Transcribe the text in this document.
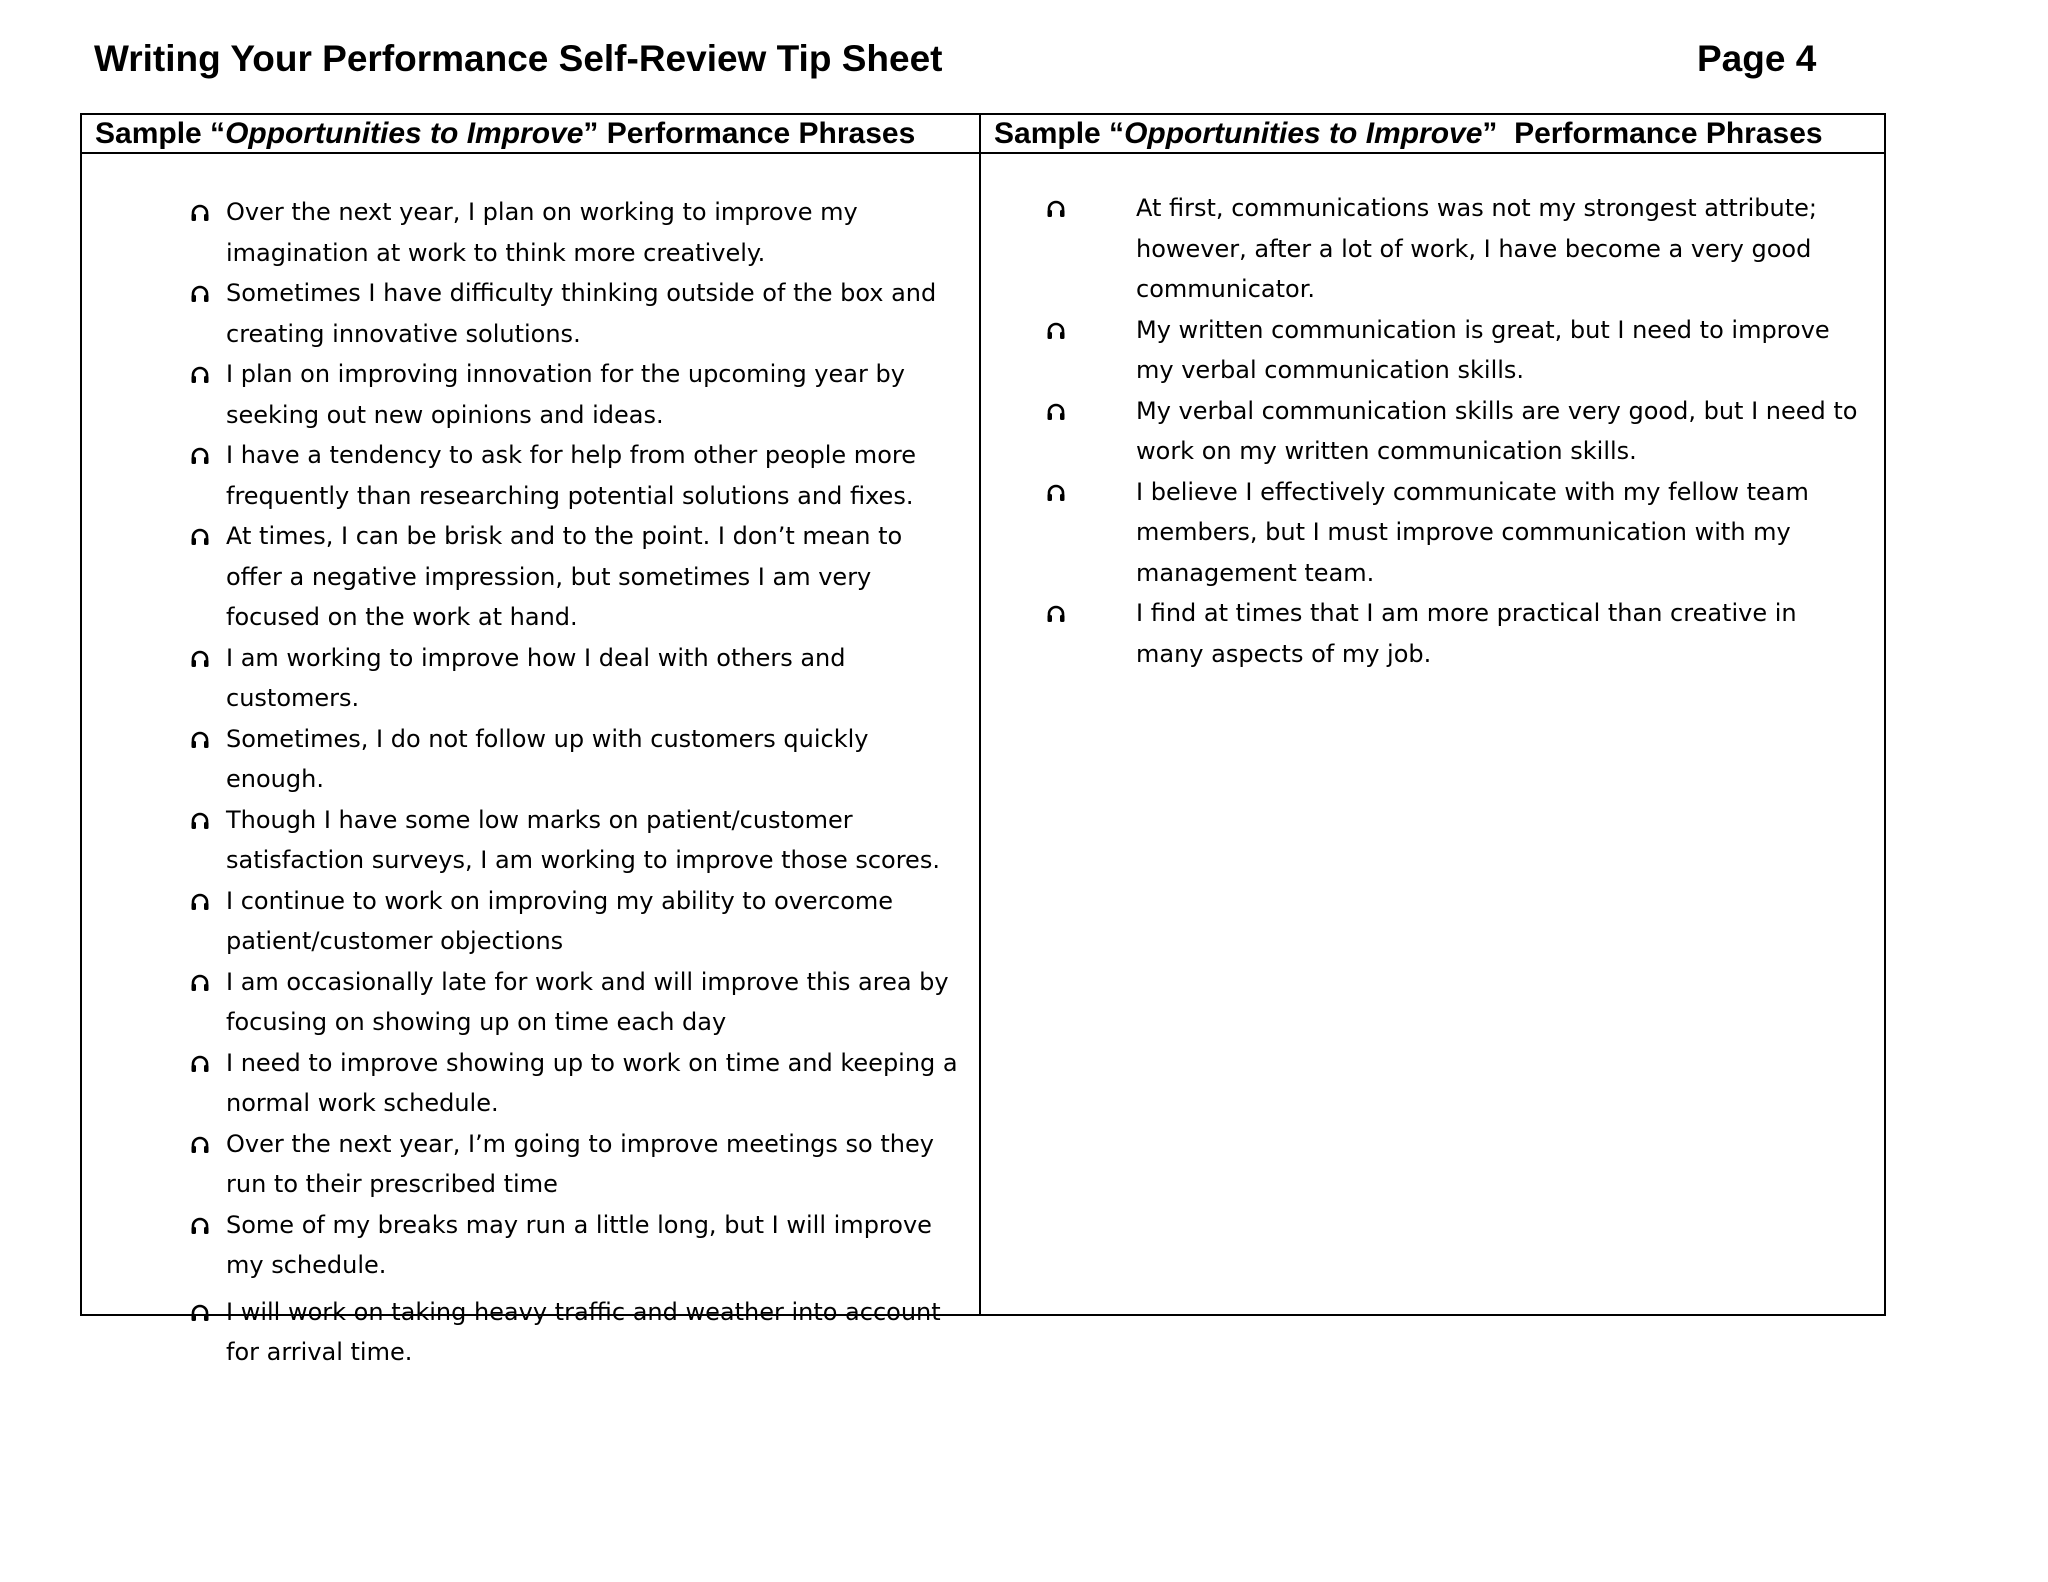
Writing Your Performance Self-Review Tip Sheet	Page 4
Sample “Opportunities to Improve” Performance Phrases	Sample “Opportunities to Improve”  Performance Phrases
Over the next year, I plan on working to improve my imagination at work to think more creatively.
Sometimes I have difficulty thinking outside of the box and creating innovative solutions.
I plan on improving innovation for the upcoming year by seeking out new opinions and ideas.
I have a tendency to ask for help from other people more frequently than researching potential solutions and fixes.
At times, I can be brisk and to the point. I don’t mean to offer a negative impression, but sometimes I am very focused on the work at hand.
I am working to improve how I deal with others and customers.
Sometimes, I do not follow up with customers quickly enough.
Though I have some low marks on patient/customer satisfaction surveys, I am working to improve those scores.
I continue to work on improving my ability to overcome patient/customer objections
I am occasionally late for work and will improve this area by focusing on showing up on time each day
I need to improve showing up to work on time and keeping a normal work schedule.
Over the next year, I’m going to improve meetings so they run to their prescribed time
Some of my breaks may run a little long, but I will improve my schedule.
I will work on taking heavy traffic and weather into account for arrival time.
At first, communications was not my strongest attribute; however, after a lot of work, I have become a very good communicator.
My written communication is great, but I need to improve my verbal communication skills.
My verbal communication skills are very good, but I need to work on my written communication skills.
I believe I effectively communicate with my fellow team members, but I must improve communication with my management team.
I find at times that I am more practical than creative in many aspects of my job.
